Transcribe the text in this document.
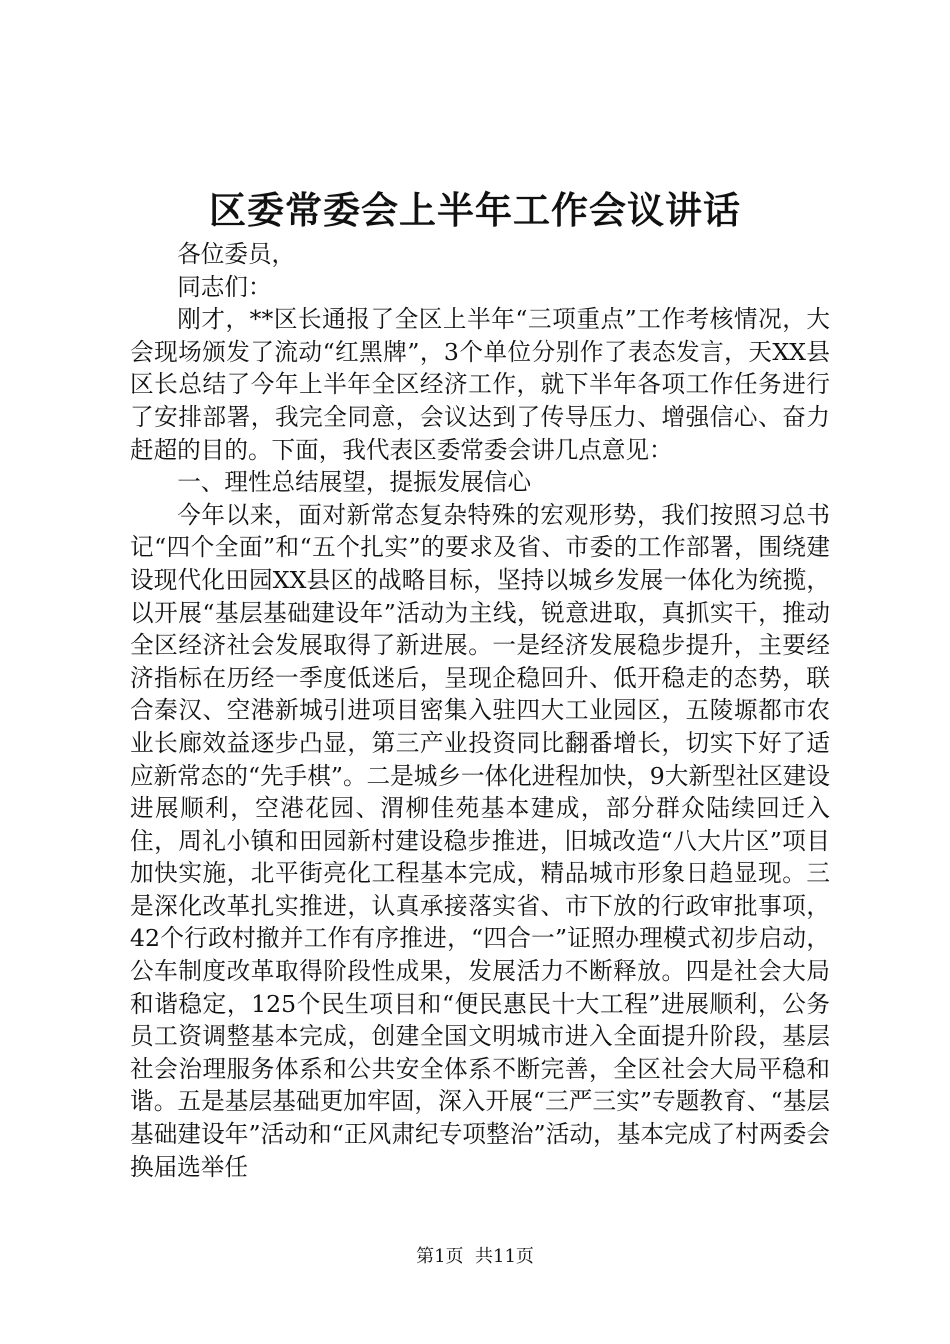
区委常委会上半年工作会议讲话

各位委员，

同志们：

刚才，**区长通报了全区上半年“三项重点”工作考核情况，大会现场颁发了流动“红黑牌”，3个单位分别作了表态发言，天XX县区长总结了今年上半年全区经济工作，就下半年各项工作任务进行了安排部署，我完全同意，会议达到了传导压力、增强信心、奋力赶超的目的。下面，我代表区委常委会讲几点意见：

一、理性总结展望，提振发展信心

今年以来，面对新常态复杂特殊的宏观形势，我们按照习总书记“四个全面”和“五个扎实”的要求及省、市委的工作部署，围绕建设现代化田园XX县区的战略目标，坚持以城乡发展一体化为统揽，以开展“基层基础建设年”活动为主线，锐意进取，真抓实干，推动全区经济社会发展取得了新进展。一是经济发展稳步提升，主要经济指标在历经一季度低迷后，呈现企稳回升、低开稳走的态势，联合秦汉、空港新城引进项目密集入驻四大工业园区，五陵塬都市农业长廊效益逐步凸显，第三产业投资同比翻番增长，切实下好了适应新常态的“先手棋”。二是城乡一体化进程加快，9大新型社区建设进展顺利，空港花园、渭柳佳苑基本建成，部分群众陆续回迁入住，周礼小镇和田园新村建设稳步推进，旧城改造“八大片区”项目加快实施，北平街亮化工程基本完成，精品城市形象日趋显现。三是深化改革扎实推进，认真承接落实省、市下放的行政审批事项，42个行政村撤并工作有序推进，“四合一”证照办理模式初步启动，公车制度改革取得阶段性成果，发展活力不断释放。四是社会大局和谐稳定，125个民生项目和“便民惠民十大工程”进展顺利，公务员工资调整基本完成，创建全国文明城市进入全面提升阶段，基层社会治理服务体系和公共安全体系不断完善，全区社会大局平稳和谐。五是基层基础更加牢固，深入开展“三严三实”专题教育、“基层基础建设年”活动和“正风肃纪专项整治”活动，基本完成了村两委会换届选举任

第1页 共11页
